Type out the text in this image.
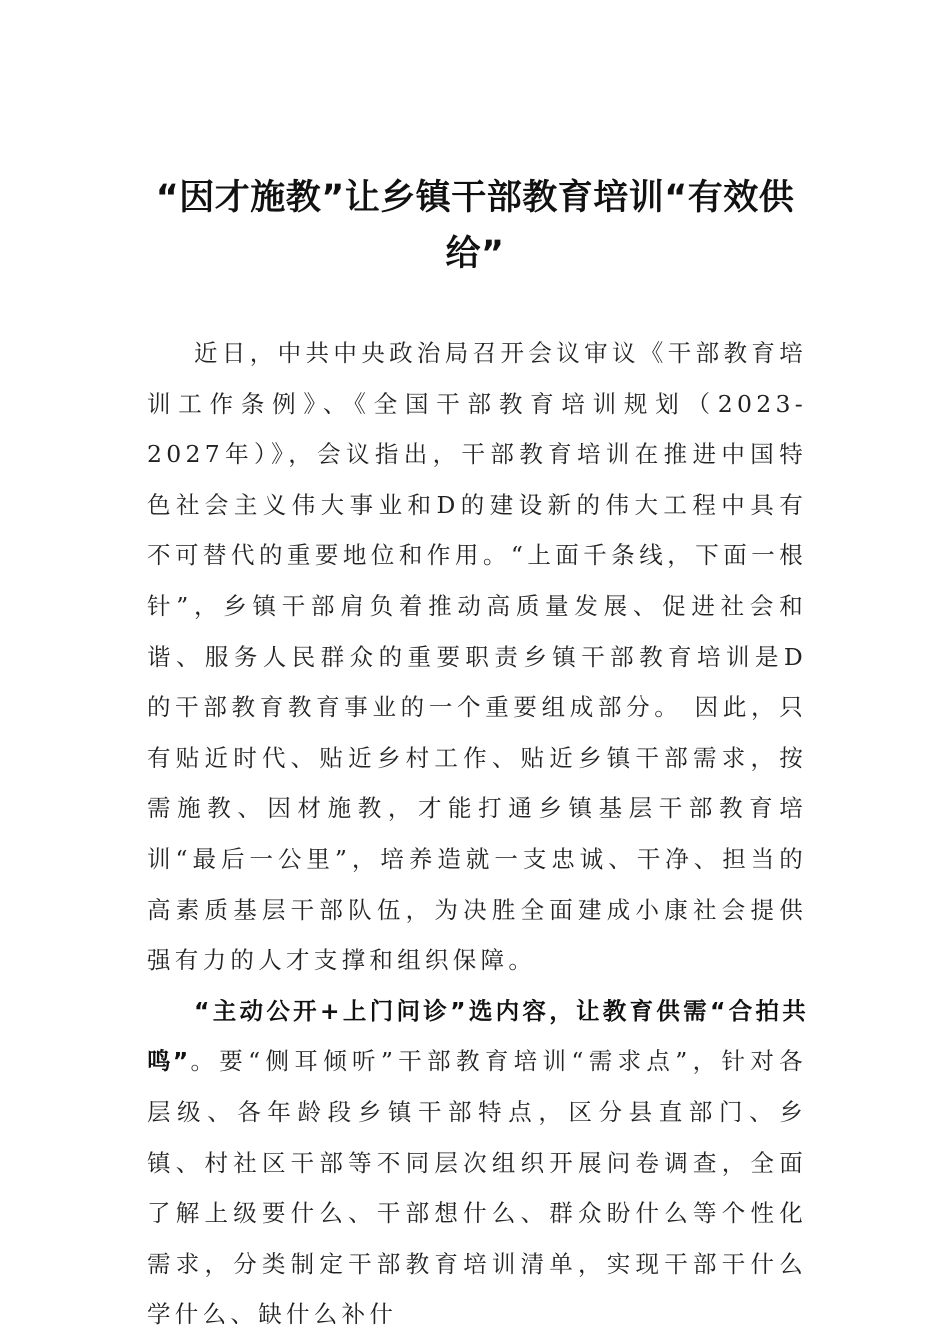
“因才施教”让乡镇干部教育培训“有效供给”

近日，中共中央政治局召开会议审议《干部教育培训工作条例》、《全国干部教育培训规划（2023-2027年）》，会议指出，干部教育培训在推进中国特色社会主义伟大事业和D的建设新的伟大工程中具有不可替代的重要地位和作用。“上面千条线，下面一根针”，乡镇干部肩负着推动高质量发展、促进社会和谐、服务人民群众的重要职责乡镇干部教育培训是D的干部教育教育事业的一个重要组成部分。 因此，只有贴近时代、贴近乡村工作、贴近乡镇干部需求，按需施教、因材施教，才能打通乡镇基层干部教育培训“最后一公里”，培养造就一支忠诚、干净、担当的高素质基层干部队伍，为决胜全面建成小康社会提供强有力的人才支撑和组织保障。

“主动公开+上门问诊”选内容，让教育供需“合拍共鸣”。要“侧耳倾听”干部教育培训“需求点”，针对各层级、各年龄段乡镇干部特点，区分县直部门、乡镇、村社区干部等不同层次组织开展问卷调查，全面了解上级要什么、干部想什么、群众盼什么等个性化需求，分类制定干部教育培训清单，实现干部干什么学什么、缺什么补什
